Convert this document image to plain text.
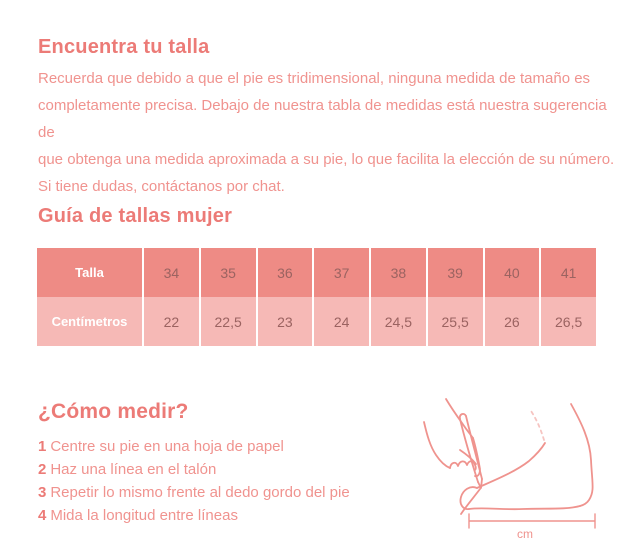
Encuentra tu talla
Recuerda que debido a que el pie es tridimensional, ninguna medida de tamaño es
completamente precisa. Debajo de nuestra tabla de medidas está nuestra sugerencia de
que obtenga una medida aproximada a su pie, lo que facilita la elección de su número.
Si tiene dudas, contáctanos por chat.
Guía de tallas mujer
Talla	34	35	36	37	38	39	40	41
Centímetros	22	22,5	23	24	24,5	25,5	26	26,5
¿Cómo medir?
1 Centre su pie en una hoja de papel
2 Haz una línea en el talón
3 Repetir lo mismo frente al dedo gordo del pie
4 Mida la longitud entre líneas
cm
